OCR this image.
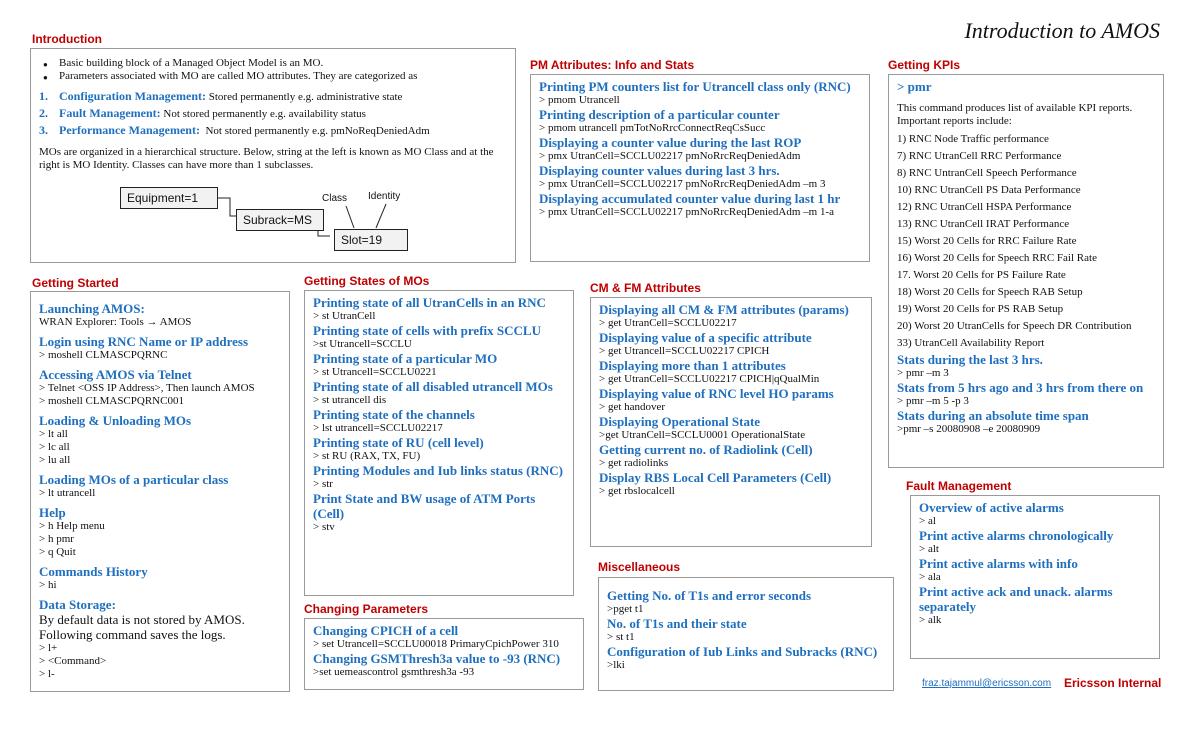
Introduction to AMOS
Introduction
● Basic building block of a Managed Object Model is an MO.
● Parameters associated with MO are called MO attributes. They are categorized as
1. Configuration Management: Stored permanently e.g. administrative state
2. Fault Management: Not stored permanently e.g. availability status
3. Performance Management: Not stored permanently e.g. pmNoReqDeniedAdm
MOs are organized in a hierarchical structure. Below, string at the left is known as MO Class and at the right is MO Identity. Classes can have more than 1 subclasses.
Equipment=1
Subrack=MS
Slot=19
Class Identity
PM Attributes: Info and Stats
Printing PM counters list for Utrancell class only (RNC)
> pmom Utrancell
Printing description of a particular counter
> pmom utrancell pmTotNoRrcConnectReqCsSucc
Displaying a counter value during the last ROP
> pmx UtranCell=SCCLU02217 pmNoRrcReqDeniedAdm
Displaying counter values during last 3 hrs.
> pmx UtranCell=SCCLU02217 pmNoRrcReqDeniedAdm –m 3
Displaying accumulated counter value during last 1 hr
> pmx UtranCell=SCCLU02217 pmNoRrcReqDeniedAdm –m 1-a
Getting KPIs
> pmr
This command produces list of available KPI reports. Important reports include:
1) RNC Node Traffic performance
7) RNC UtranCell RRC Performance
8) RNC UntranCell Speech Performance
10) RNC UtranCell PS Data Performance
12) RNC UtranCell HSPA Performance
13) RNC UtranCell IRAT Performance
15) Worst 20 Cells for RRC Failure Rate
16) Worst 20 Cells for Speech RRC Fail Rate
17. Worst 20 Cells for PS Failure Rate
18) Worst 20 Cells for Speech RAB Setup
19) Worst 20 Cells for PS RAB Setup
20) Worst 20 UtranCells for Speech DR Contribution
33) UtranCell Availability Report
Stats during the last 3 hrs.
> pmr –m 3
Stats from 5 hrs ago and 3 hrs from there on
> pmr –m 5 -p 3
Stats during an absolute time span
>pmr –s 20080908 –e 20080909
Getting Started
Launching AMOS:
WRAN Explorer: Tools → AMOS
Login using RNC Name or IP address
> moshell CLMASCPQRNC
Accessing AMOS via Telnet
> Telnet <OSS IP Address>, Then launch AMOS
> moshell CLMASCPQRNC001
Loading & Unloading MOs
> lt all
> lc all
> lu all
Loading MOs of a particular class
> lt utrancell
Help
> h Help menu
> h pmr
> q Quit
Commands History
> hi
Data Storage:
By default data is not stored by AMOS.
Following command saves the logs.
> l+
> <Command>
> l-
Getting States of MOs
Printing state of all UtranCells in an RNC
> st UtranCell
Printing state of cells with prefix SCCLU
>st Utrancell=SCCLU
Printing state of a particular MO
> st Utrancell=SCCLU0221
Printing state of all disabled utrancell MOs
> st utrancell dis
Printing state of the channels
> lst utrancell=SCCLU02217
Printing state of RU (cell level)
> st RU (RAX, TX, FU)
Printing Modules and Iub links status (RNC)
> str
Print State and BW usage of ATM Ports (Cell)
> stv
Changing Parameters
Changing CPICH of a cell
> set Utrancell=SCCLU00018 PrimaryCpichPower 310
Changing GSMThresh3a value to -93 (RNC)
>set uemeascontrol gsmthresh3a -93
CM & FM Attributes
Displaying all CM & FM attributes (params)
> get UtranCell=SCCLU02217
Displaying value of a specific attribute
> get Utrancell=SCCLU02217 CPICH
Displaying more than 1 attributes
> get UtranCell=SCCLU02217 CPICH|qQualMin
Displaying value of RNC level HO params
> get handover
Displaying Operational State
>get UtranCell=SCCLU0001 OperationalState
Getting current no. of Radiolink (Cell)
> get radiolinks
Display RBS Local Cell Parameters (Cell)
> get rbslocalcell
Miscellaneous
Getting No. of T1s and error seconds
>pget t1
No. of T1s and their state
> st t1
Configuration of Iub Links and Subracks (RNC)
>lki
Fault Management
Overview of active alarms
> al
Print active alarms chronologically
> alt
Print active alarms with info
> ala
Print active ack and unack. alarms separately
> alk
fraz.tajammul@ericsson.com Ericsson Internal
